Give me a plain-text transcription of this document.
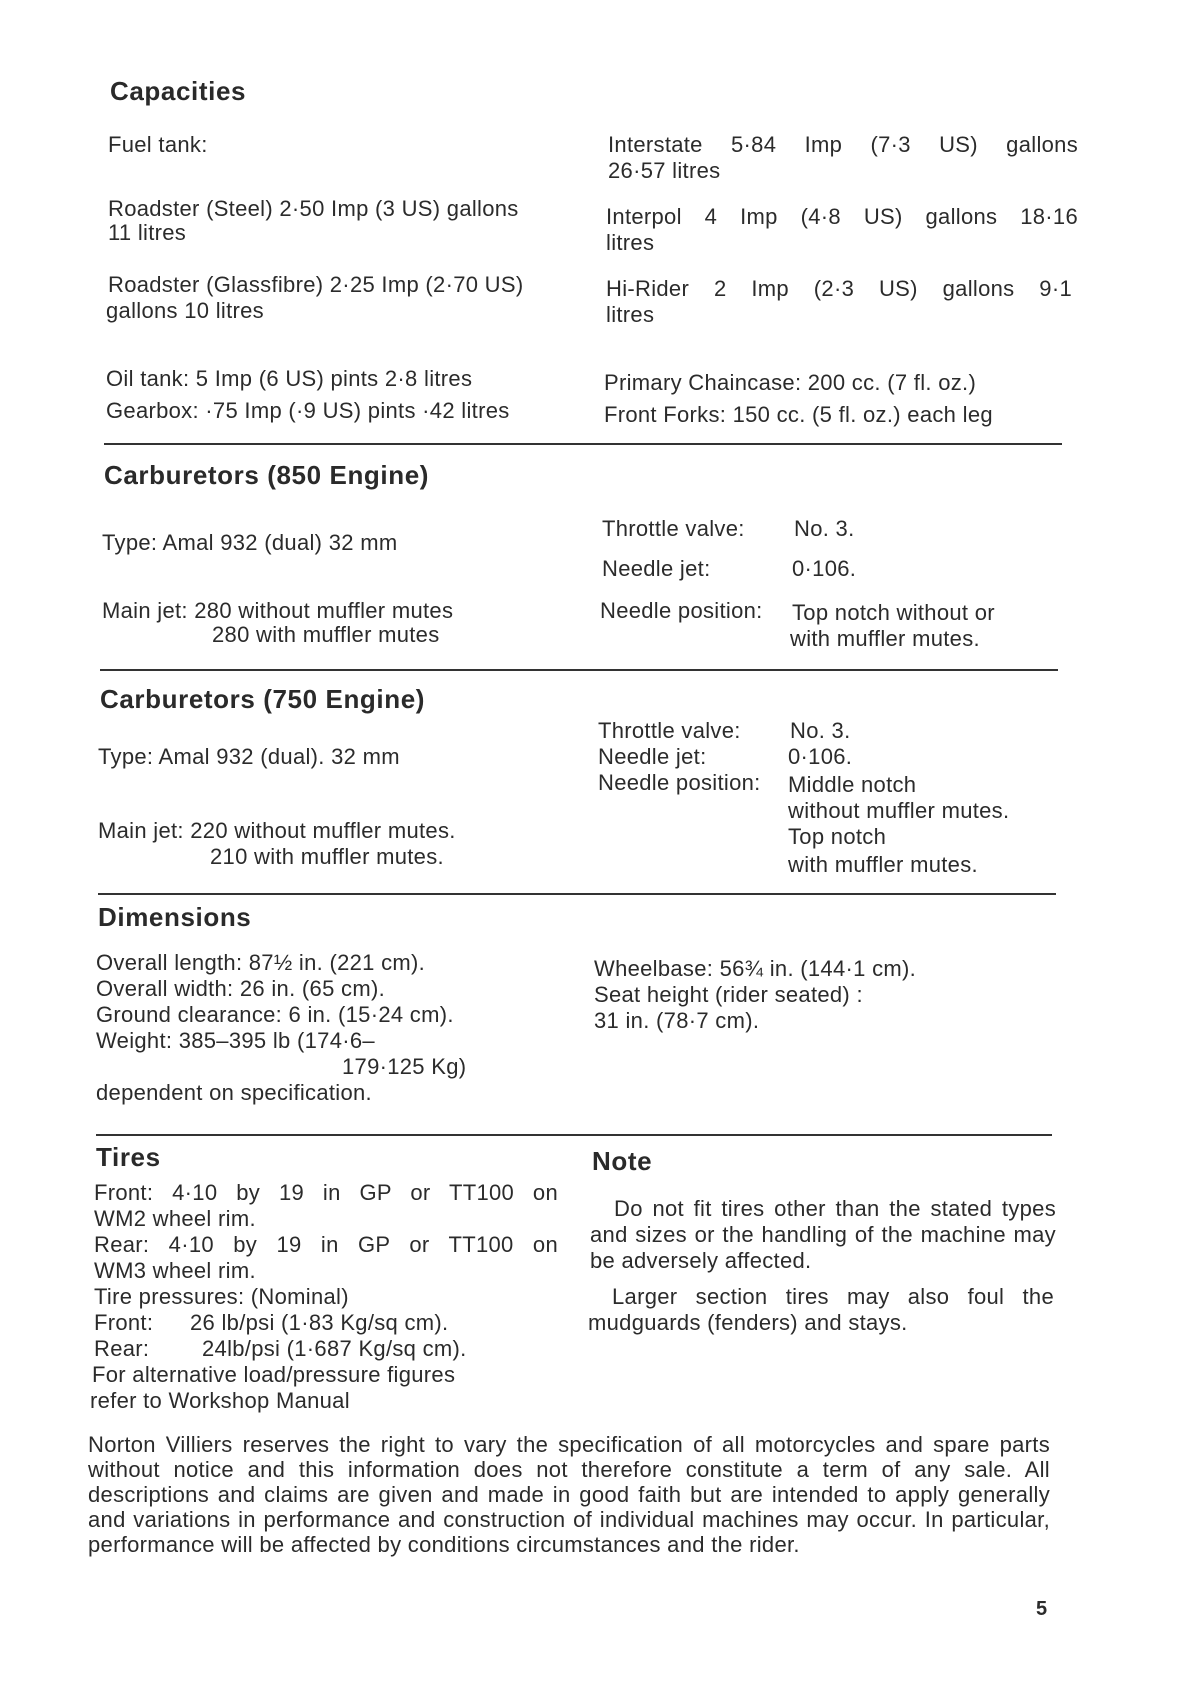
Capacities
Fuel tank:
Roadster (Steel) 2·50 Imp (3 US) gallons
11 litres
Roadster (Glassfibre) 2·25 Imp (2·70 US)
gallons 10 litres
Oil tank: 5 Imp (6 US) pints 2·8 litres
Gearbox: ·75 Imp (·9 US) pints ·42 litres
Interstate 5·84 Imp (7·3 US) gallons
26·57 litres
Interpol 4 Imp (4·8 US) gallons 18·16
litres
Hi-Rider 2 Imp (2·3 US) gallons 9·1
litres
Primary Chaincase: 200 cc. (7 fl. oz.)
Front Forks: 150 cc. (5 fl. oz.) each leg
Carburetors (850 Engine)
Type: Amal 932 (dual) 32 mm
Main jet: 280 without muffler mutes
280 with muffler mutes
Throttle valve: No. 3.
Needle jet:	0·106.
Needle position: Top notch without or
with muffler mutes.
Carburetors (750 Engine)
Type: Amal 932 (dual). 32 mm
Main jet: 220 without muffler mutes.
210 with muffler mutes.
Throttle valve: No. 3.
Needle jet:	0·106.
Needle position: Middle notch
without muffler mutes.
Top notch
with muffler mutes.
Dimensions
Overall length: 87½ in. (221 cm).
Overall width: 26 in. (65 cm).
Ground clearance: 6 in. (15·24 cm).
Weight: 385–395 lb (174·6–
179·125 Kg)
dependent on specification.
Wheelbase: 56¾ in. (144·1 cm).
Seat height (rider seated) :
31 in. (78·7 cm).
Tires
Front: 4·10 by 19 in GP or TT100 on
WM2 wheel rim.
Rear: 4·10 by 19 in GP or TT100 on
WM3 wheel rim.
Tire pressures: (Nominal)
Front: 26 lb/psi (1·83 Kg/sq cm).
Rear: 24lb/psi (1·687 Kg/sq cm).
For alternative load/pressure figures
refer to Workshop Manual
Note
Do not fit tires other than the stated types and sizes or the handling of the machine may be adversely affected.
Larger section tires may also foul the mudguards (fenders) and stays.
Norton Villiers reserves the right to vary the specification of all motorcycles and spare parts without notice and this information does not therefore constitute a term of any sale. All descriptions and claims are given and made in good faith but are intended to apply generally and variations in performance and construction of individual machines may occur. In particular, performance will be affected by conditions circumstances and the rider.
5
